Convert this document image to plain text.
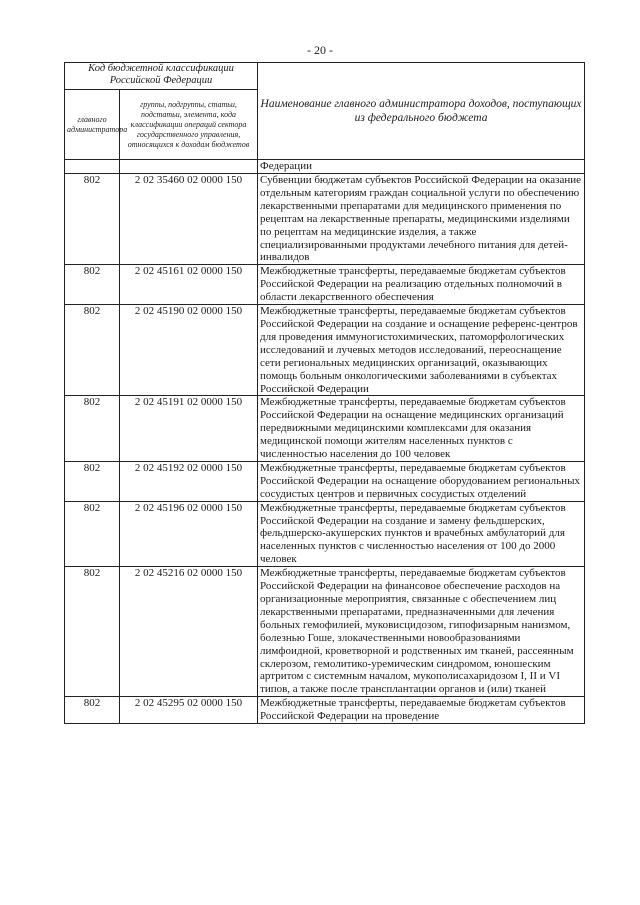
- 20 -
Код бюджетной классификации Российской Федерации		Наименование главного администратора доходов, поступающих из федерального бюджета
главного администратора	группы, подгруппы, статьи, подстатьи, элемента, кода классификации операций сектора государственного управления, относящихся к доходам бюджетов	
		Федерации
802	2 02 35460 02 0000 150	Субвенции бюджетам субъектов Российской Федерации на оказание отдельным категориям граждан социальной услуги по обеспечению лекарственными препаратами для медицинского применения по рецептам на лекарственные препараты, медицинскими изделиями по рецептам на медицинские изделия, а также специализированными продуктами лечебного питания для детей-инвалидов
802	2 02 45161 02 0000 150	Межбюджетные трансферты, передаваемые бюджетам субъектов Российской Федерации на реализацию отдельных полномочий в области лекарственного обеспечения
802	2 02 45190 02 0000 150	Межбюджетные трансферты, передаваемые бюджетам субъектов Российской Федерации на создание и оснащение референс-центров для проведения иммуногистохимических, патоморфологических исследований и лучевых методов исследований, переоснащение сети региональных медицинских организаций, оказывающих помощь больным онкологическими заболеваниями в субъектах Российской Федерации
802	2 02 45191 02 0000 150	Межбюджетные трансферты, передаваемые бюджетам субъектов Российской Федерации на оснащение медицинских организаций передвижными медицинскими комплексами для оказания медицинской помощи жителям населенных пунктов с численностью населения до 100 человек
802	2 02 45192 02 0000 150	Межбюджетные трансферты, передаваемые бюджетам субъектов Российской Федерации на оснащение оборудованием региональных сосудистых центров и первичных сосудистых отделений
802	2 02 45196 02 0000 150	Межбюджетные трансферты, передаваемые бюджетам субъектов Российской Федерации на создание и замену фельдшерских, фельдшерско-акушерских пунктов и врачебных амбулаторий для населенных пунктов с численностью населения от 100 до 2000 человек
802	2 02 45216 02 0000 150	Межбюджетные трансферты, передаваемые бюджетам субъектов Российской Федерации на финансовое обеспечение расходов на организационные мероприятия, связанные с обеспечением лиц лекарственными препаратами, предназначенными для лечения больных гемофилией, муковисцидозом, гипофизарным нанизмом, болезнью Гоше, злокачественными новообразованиями лимфоидной, кроветворной и родственных им тканей, рассеянным склерозом, гемолитико-уремическим синдромом, юношеским артритом с системным началом, мукополисахаридозом I, II и VI типов, а также после трансплантации органов и (или) тканей
802	2 02 45295 02 0000 150	Межбюджетные трансферты, передаваемые бюджетам субъектов Российской Федерации на проведение
